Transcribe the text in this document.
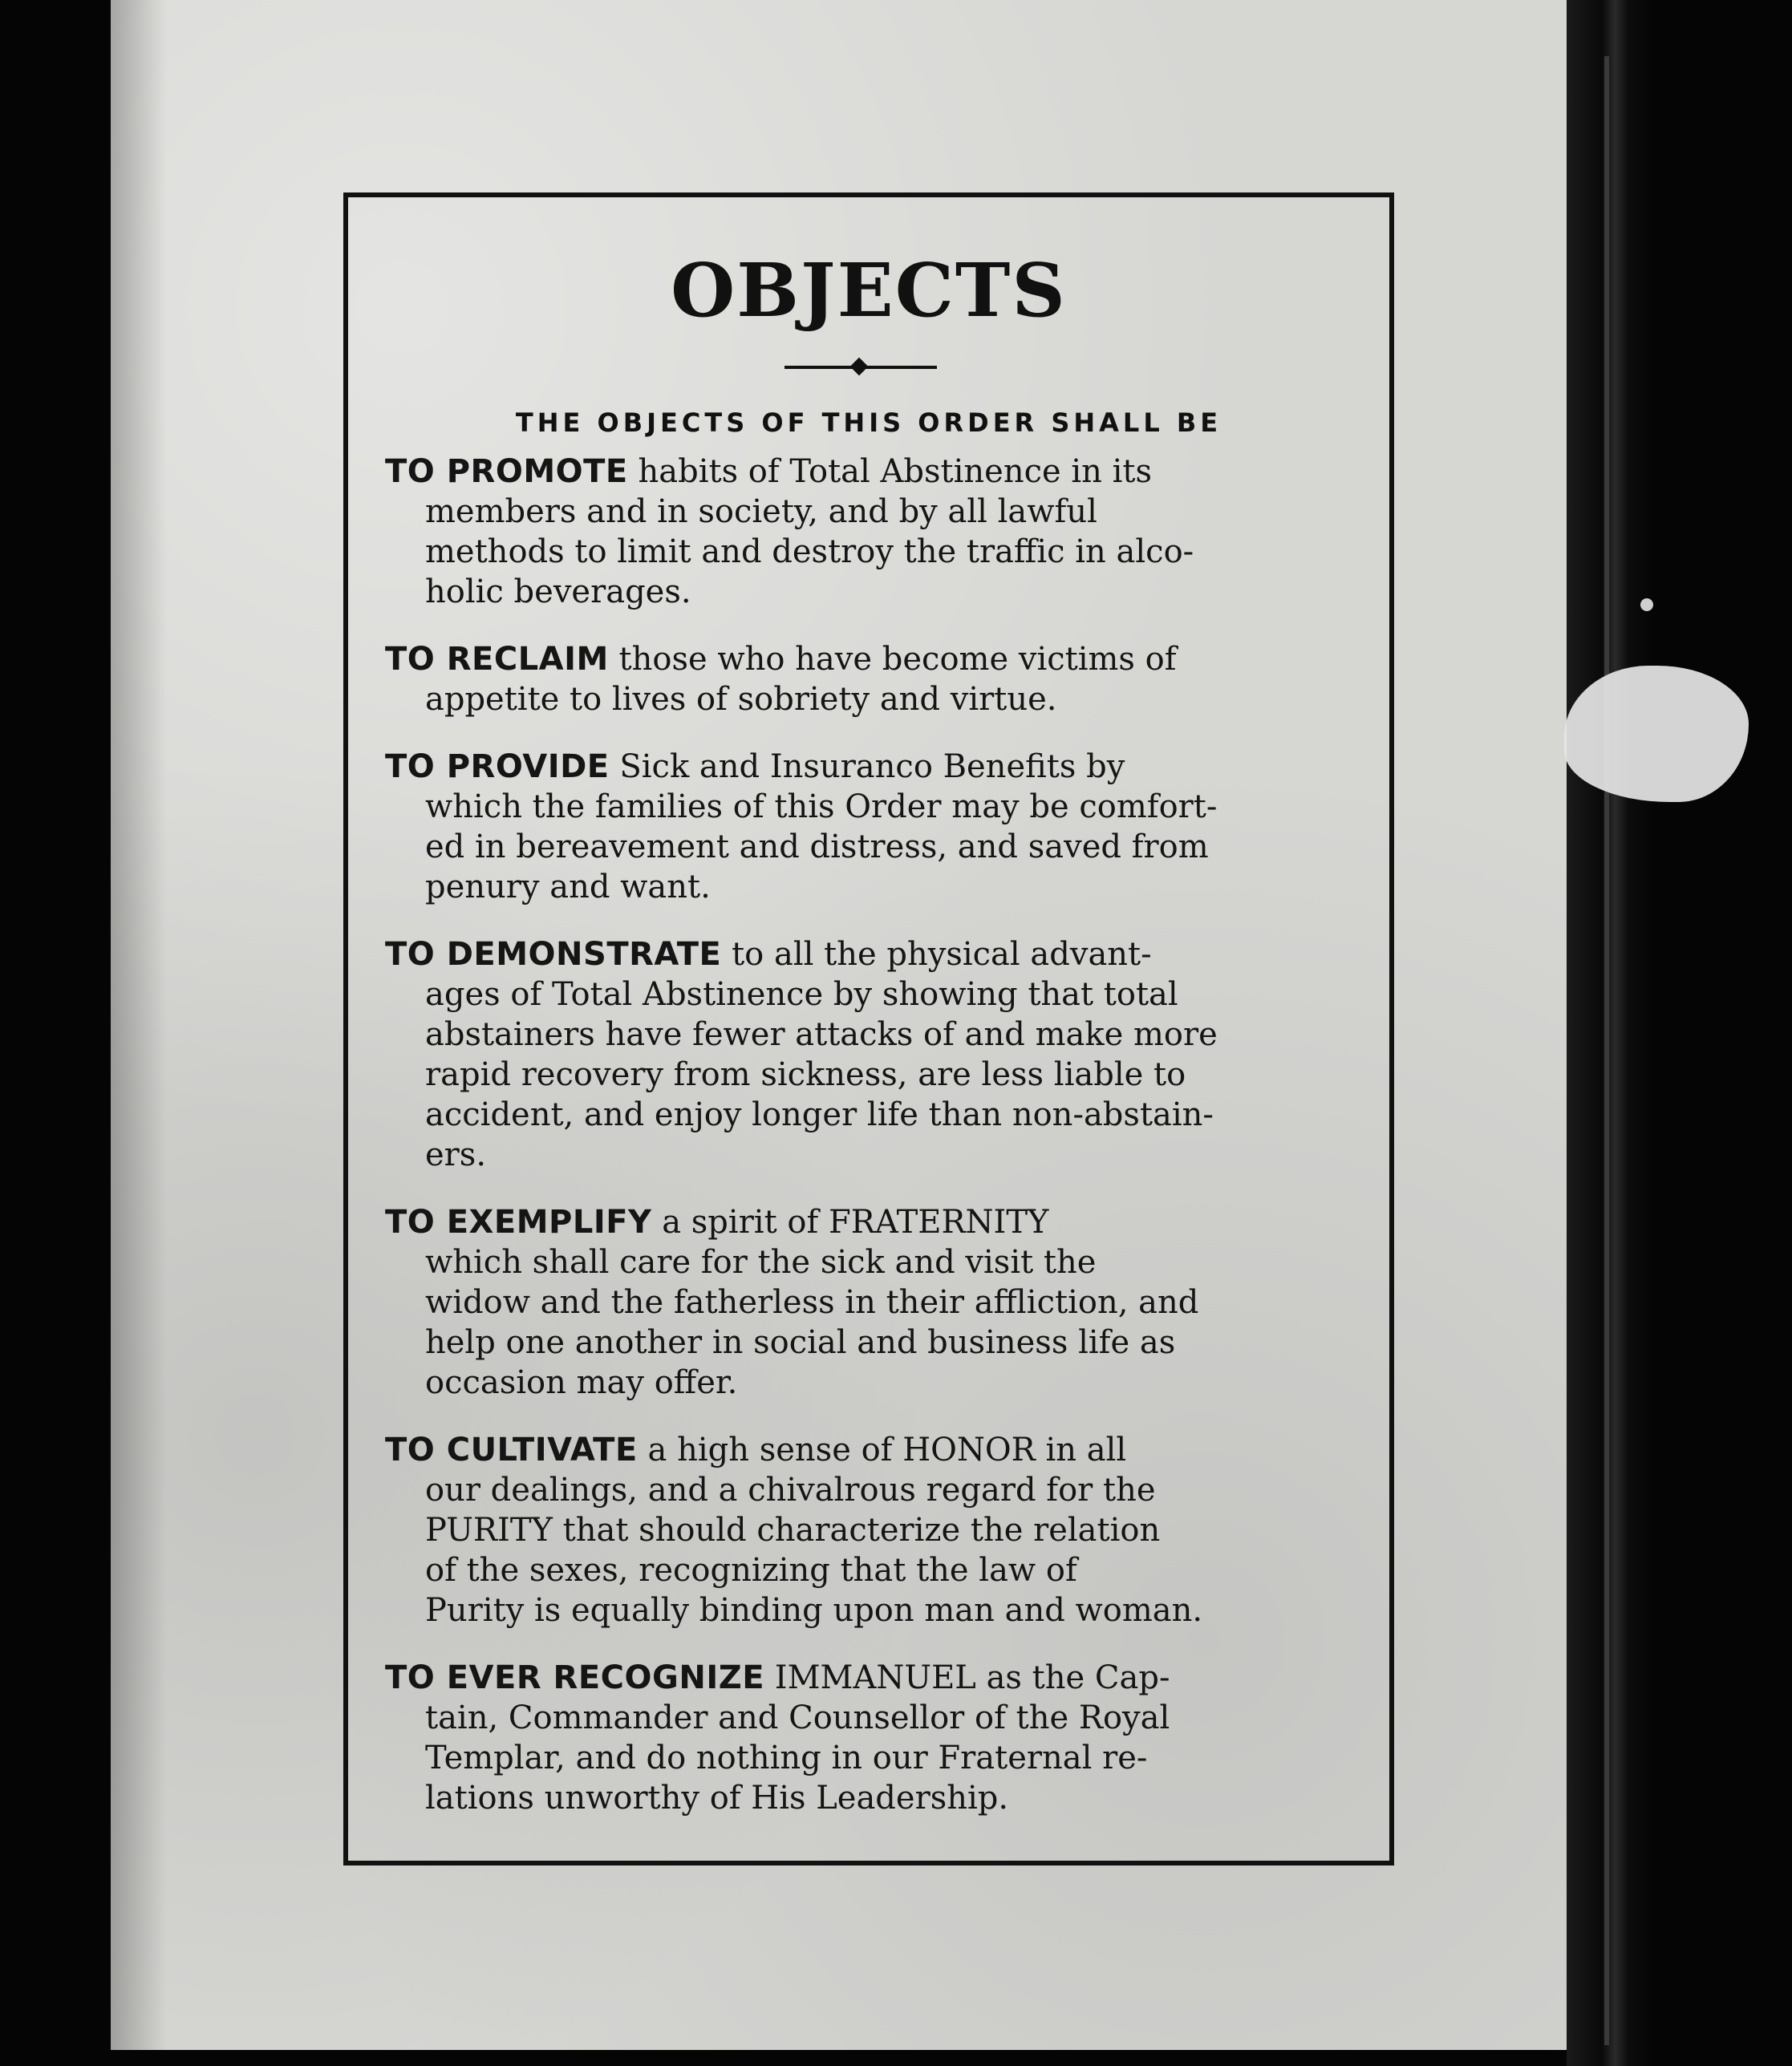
OBJECTS
THE OBJECTS OF THIS ORDER SHALL BE
TO PROMOTE habits of Total Abstinence in its
members and in society, and by all lawful
methods to limit and destroy the traffic in alco-
holic beverages.
TO RECLAIM those who have become victims of
appetite to lives of sobriety and virtue.
TO PROVIDE Sick and Insuranco Benefits by
which the families of this Order may be comfort-
ed in bereavement and distress, and saved from
penury and want.
TO DEMONSTRATE to all the physical advant-
ages of Total Abstinence by showing that total
abstainers have fewer attacks of and make more
rapid recovery from sickness, are less liable to
accident, and enjoy longer life than non-abstain-
ers.
TO EXEMPLIFY a spirit of FRATERNITY
which shall care for the sick and visit the
widow and the fatherless in their affliction, and
help one another in social and business life as
occasion may offer.
TO CULTIVATE a high sense of HONOR in all
our dealings, and a chivalrous regard for the
PURITY that should characterize the relation
of the sexes, recognizing that the law of
Purity is equally binding upon man and woman.
TO EVER RECOGNIZE IMMANUEL as the Cap-
tain, Commander and Counsellor of the Royal
Templar, and do nothing in our Fraternal re-
lations unworthy of His Leadership.
